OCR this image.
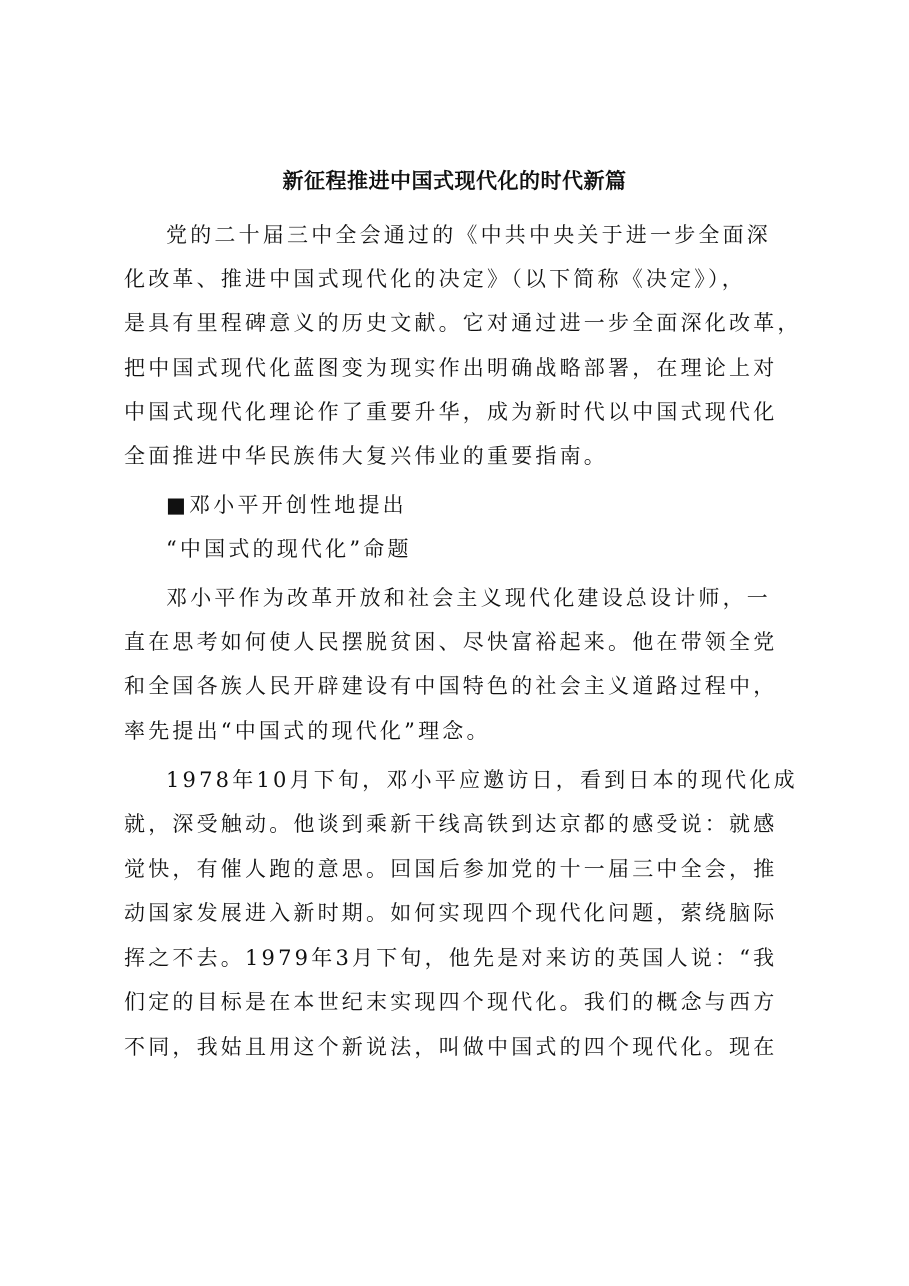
新征程推进中国式现代化的时代新篇
党的二十届三中全会通过的《中共中央关于进一步全面深
化改革、推进中国式现代化的决定》（以下简称《决定》），
是具有里程碑意义的历史文献。它对通过进一步全面深化改革，
把中国式现代化蓝图变为现实作出明确战略部署，在理论上对
中国式现代化理论作了重要升华，成为新时代以中国式现代化
全面推进中华民族伟大复兴伟业的重要指南。
■邓小平开创性地提出
“中国式的现代化”命题
邓小平作为改革开放和社会主义现代化建设总设计师，一
直在思考如何使人民摆脱贫困、尽快富裕起来。他在带领全党
和全国各族人民开辟建设有中国特色的社会主义道路过程中，
率先提出“中国式的现代化”理念。
1978年10月下旬，邓小平应邀访日，看到日本的现代化成
就，深受触动。他谈到乘新干线高铁到达京都的感受说：就感
觉快，有催人跑的意思。回国后参加党的十一届三中全会，推
动国家发展进入新时期。如何实现四个现代化问题，萦绕脑际
挥之不去。1979年3月下旬，他先是对来访的英国人说：“我
们定的目标是在本世纪末实现四个现代化。我们的概念与西方
不同，我姑且用这个新说法，叫做中国式的四个现代化。现在
